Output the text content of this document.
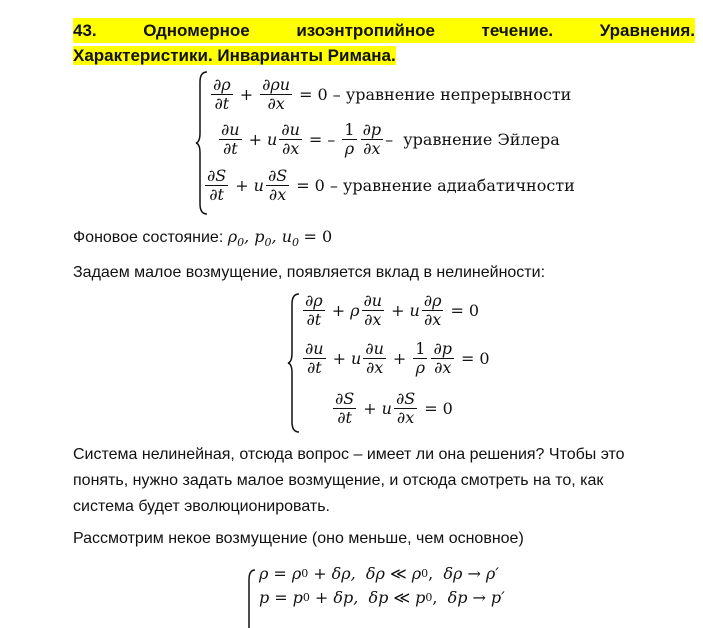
43.	Одномерное	изоэнтропийное	течение.	Уравнения.
Характеристики. Инварианты Римана.
$\frac{\partial\rho}{\partial t} + \frac{\partial\rho u}{\partial x} = 0$ –
уравнение непрерывности
$\frac{\partial u}{\partial t} + u \frac{\partial u}{\partial x}$ = –
$\frac{1}{\rho} \frac{\partial p}{\partial x}$ –
уравнение Эйлера
$\frac{\partial S}{\partial t} + u \frac{\partial S}{\partial x} = 0$ –
уравнение адиабатичности
Фоновое состояние: $\rho_0$, $p_0$, $u_0 = 0$
Задаем малое возмущение, появляется вклад в нелинейности:
$\frac{\partial\rho}{\partial t} + \rho \frac{\partial u}{\partial x} + u \frac{\partial\rho}{\partial x} = 0$
$\frac{\partial u}{\partial t} + u \frac{\partial u}{\partial x} + \frac{1}{\rho} \frac{\partial p}{\partial x} = 0$
$\frac{\partial S}{\partial t} + u \frac{\partial S}{\partial x} = 0$
Система нелинейная, отсюда вопрос – имеет ли она решения? Чтобы это
понять, нужно задать малое возмущение, и отсюда смотреть на то, как
система будет эволюционировать.
Рассмотрим некое возмущение (оно меньше, чем основное)
ρ = ρ 0 + δρ,
δρ ≪ ρ 0 ,
δρ → ρ′
p = p 0 + δp,
δp ≪ p 0 ,
δp → p′
